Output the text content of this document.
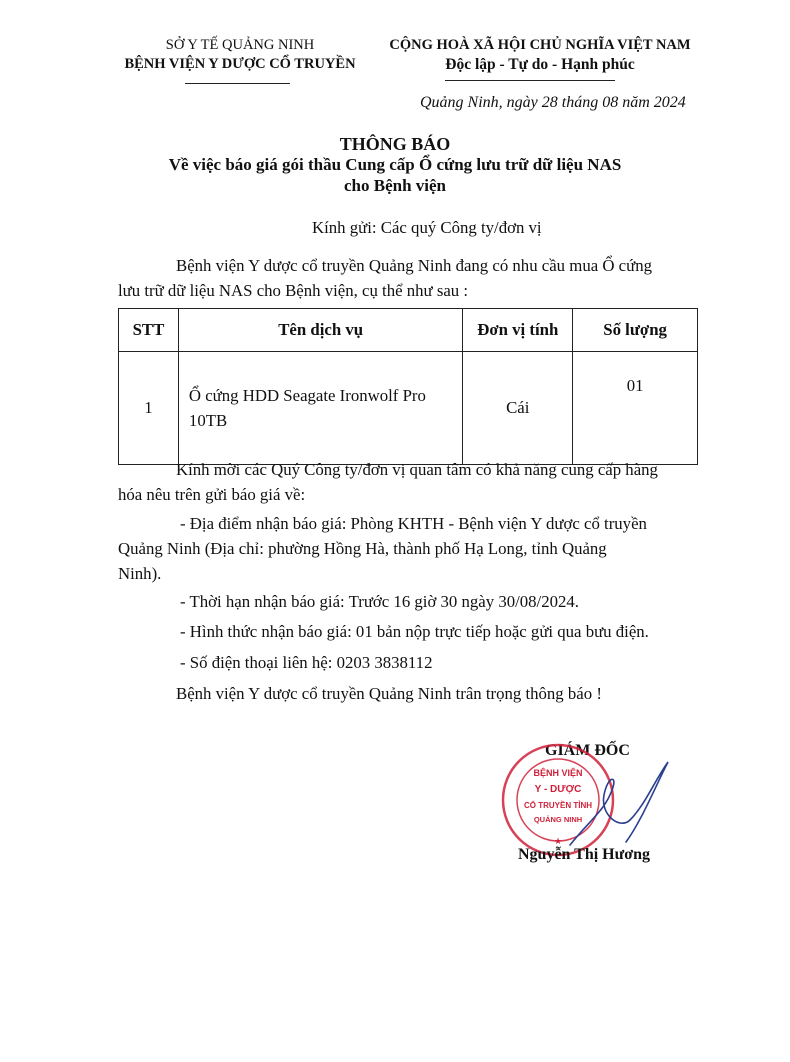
SỞ Y TẾ QUẢNG NINH
BỆNH VIỆN Y DƯỢC CỔ TRUYỀN
CỘNG HOÀ XÃ HỘI CHỦ NGHĨA VIỆT NAM
Độc lập - Tự do - Hạnh phúc
Quảng Ninh, ngày 28 tháng 08 năm 2024
THÔNG BÁO
Về việc báo giá gói thầu Cung cấp Ổ cứng lưu trữ dữ liệu NAS
cho Bệnh viện
Kính gửi: Các quý Công ty/đơn vị
Bệnh viện Y dược cổ truyền Quảng Ninh đang có nhu cầu mua Ổ cứng
lưu trữ dữ liệu NAS cho Bệnh viện, cụ thể như sau :
STT	Tên dịch vụ	Đơn vị tính	Số lượng
1	Ổ cứng HDD Seagate Ironwolf Pro
10TB	Cái	01
Kính mời các Quý Công ty/đơn vị quan tâm có khả năng cung cấp hàng
hóa nêu trên gửi báo giá về:
- Địa điểm nhận báo giá: Phòng KHTH - Bệnh viện Y dược cổ truyền
Quảng Ninh (Địa chỉ: phường Hồng Hà, thành phố Hạ Long, tỉnh Quảng
Ninh).
- Thời hạn nhận báo giá: Trước 16 giờ 30 ngày 30/08/2024.
- Hình thức nhận báo giá: 01 bản nộp trực tiếp hoặc gửi qua bưu điện.
- Số điện thoại liên hệ: 0203 3838112
Bệnh viện Y dược cổ truyền Quảng Ninh trân trọng thông báo !
GIÁM ĐỐC
BỆNH VIỆN
Y - DƯỢC
CỔ TRUYỀN TỈNH
QUẢNG NINH
★
Nguyễn Thị Hương
